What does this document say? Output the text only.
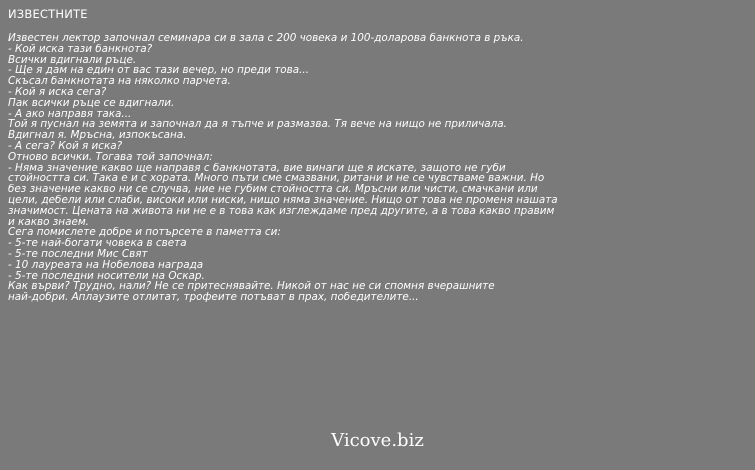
ИЗВЕСТНИТЕ
Известен лектор започнал семинара си в зала с 200 човека и 100-доларова банкнота в ръка.
- Кой иска тази банкнота?
Всички вдигнали ръце.
- Ще я дам на един от вас тази вечер, но преди това...
Скъсал банкнотата на няколко парчета.
- Кой я иска сега?
Пак всички ръце се вдигнали.
- А ако направя така...
Той я пуснал на земята и започнал да я тъпче и размазва. Тя вече на нищо не приличала.
Вдигнал я. Мръсна, изпокъсана.
- А сега? Кой я иска?
Отново всички. Тогава той започнал:
- Няма значение какво ще направя с банкнотата, вие винаги ще я искате, защото не губи
стойността си. Така е и с хората. Много пъти сме смазвани, ритани и не се чувстваме важни. Но
без значение какво ни се случва, ние не губим стойността си. Мръсни или чисти, смачкани или
цели, дебели или слаби, високи или ниски, нищо няма значение. Нищо от това не променя нашата
значимост. Цената на живота ни не е в това как изглеждаме пред другите, а в това какво правим
и какво знаем.
Сега помислете добре и потърсете в паметта си:
- 5-те най-богати човека в света
- 5-те последни Мис Свят
- 10 лауреата на Нобелова награда
- 5-те последни носители на Оскар.
Как върви? Трудно, нали? Не се притеснявайте. Никой от нас не си спомня вчерашните
най-добри. Аплаузите отлитат, трофеите потъват в прах, победителите...
Vicove.biz
